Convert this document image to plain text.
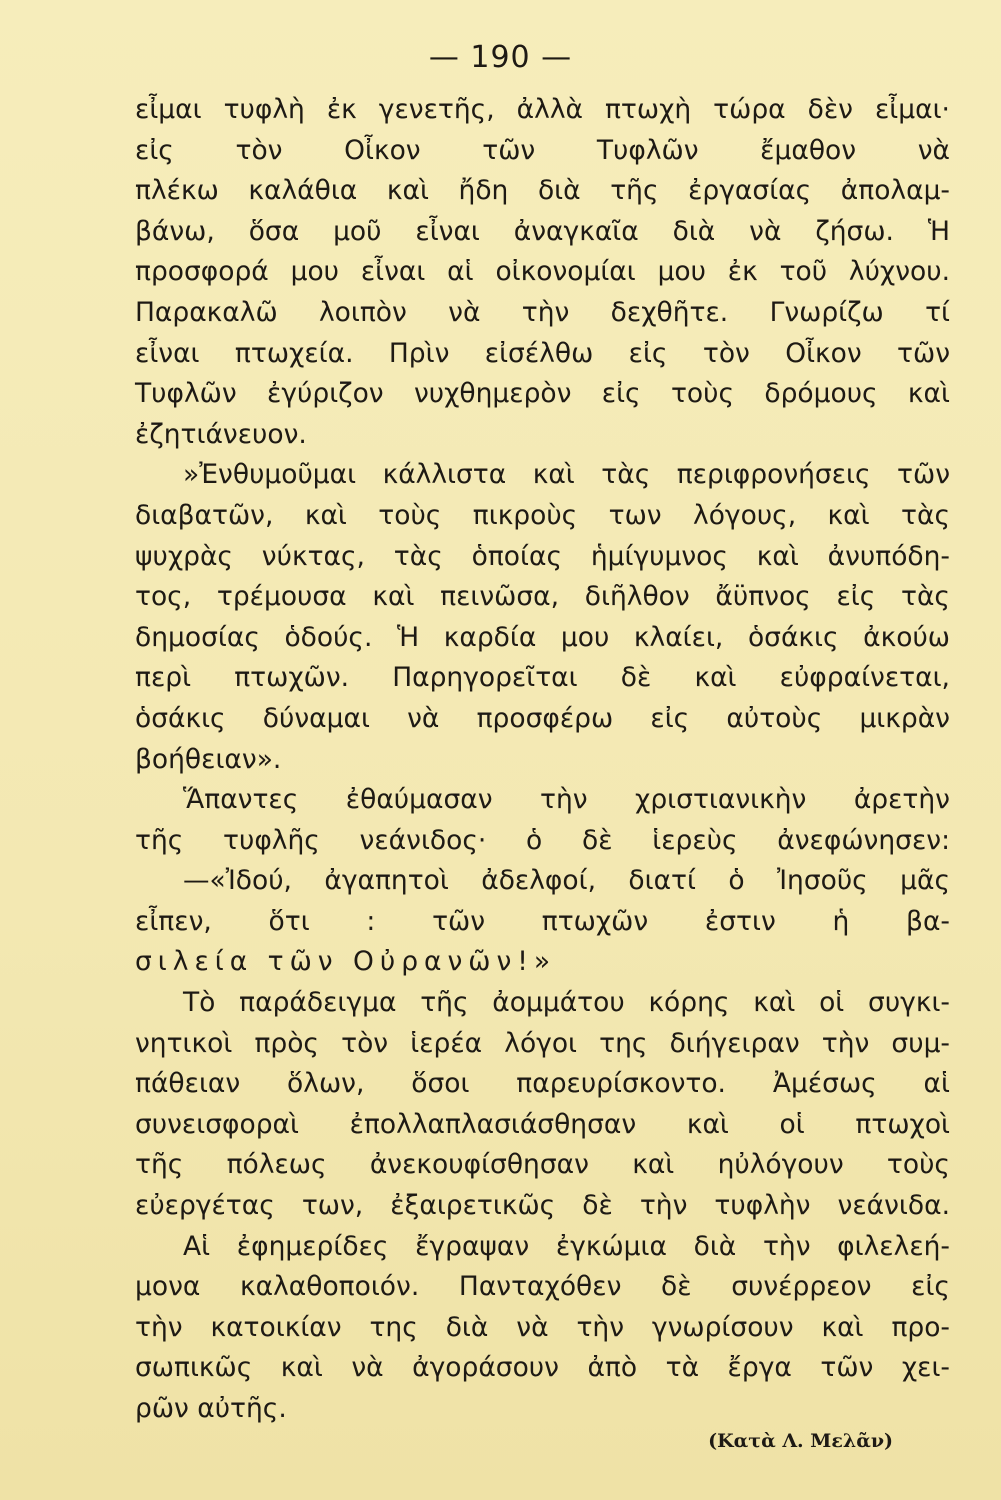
— 190 —
εἶμαι τυφλὴ ἐκ γενετῆς, ἀλλὰ πτωχὴ τώρα δὲν εἶμαι·
εἰς τὸν Οἶκον τῶν Τυφλῶν ἔμαθον νὰ
πλέκω καλάθια καὶ ἤδη διὰ τῆς ἐργασίας ἀπολαμ-
βάνω, ὅσα μοῦ εἶναι ἀναγκαῖα διὰ νὰ ζήσω. Ἡ
προσφορά μου εἶναι αἱ οἰκονομίαι μου ἐκ τοῦ λύχνου.
Παρακαλῶ λοιπὸν νὰ τὴν δεχθῆτε. Γνωρίζω τί
εἶναι πτωχεία. Πρὶν εἰσέλθω εἰς τὸν Οἶκον τῶν
Τυφλῶν ἐγύριζον νυχθημερὸν εἰς τοὺς δρόμους καὶ
ἐζητιάνευον.
»Ἐνθυμοῦμαι κάλλιστα καὶ τὰς περιφρονήσεις τῶν
διαβατῶν, καὶ τοὺς πικροὺς των λόγους, καὶ τὰς
ψυχρὰς νύκτας, τὰς ὁποίας ἡμίγυμνος καὶ ἀνυπόδη-
τος, τρέμουσα καὶ πεινῶσα, διῆλθον ἄϋπνος εἰς τὰς
δημοσίας ὁδούς. Ἡ καρδία μου κλαίει, ὁσάκις ἀκούω
περὶ πτωχῶν. Παρηγορεῖται δὲ καὶ εὐφραίνεται,
ὁσάκις δύναμαι νὰ προσφέρω εἰς αὐτοὺς μικρὰν
βοήθειαν».
Ἅπαντες ἐθαύμασαν τὴν χριστιανικὴν ἀρετὴν
τῆς τυφλῆς νεάνιδος· ὁ δὲ ἱερεὺς ἀνεφώνησεν:
—«Ἰδού, ἀγαπητοὶ ἀδελφοί, διατί ὁ Ἰησοῦς μᾶς
εἶπεν, ὅτι : τῶν πτωχῶν ἐστιν ἡ βα-
σιλεία τῶν Οὐρανῶν!»
Τὸ παράδειγμα τῆς ἀομμάτου κόρης καὶ οἱ συγκι-
νητικοὶ πρὸς τὸν ἱερέα λόγοι της διήγειραν τὴν συμ-
πάθειαν ὅλων, ὅσοι παρευρίσκοντο. Ἀμέσως αἱ
συνεισφοραὶ ἐπολλαπλασιάσθησαν καὶ οἱ πτωχοὶ
τῆς πόλεως ἀνεκουφίσθησαν καὶ ηὐλόγουν τοὺς
εὐεργέτας των, ἐξαιρετικῶς δὲ τὴν τυφλὴν νεάνιδα.
Αἱ ἐφημερίδες ἔγραψαν ἐγκώμια διὰ τὴν φιλελεή-
μονα καλαθοποιόν. Πανταχόθεν δὲ συνέρρεον εἰς
τὴν κατοικίαν της διὰ νὰ τὴν γνωρίσουν καὶ προ-
σωπικῶς καὶ νὰ ἀγοράσουν ἀπὸ τὰ ἔργα τῶν χει-
ρῶν αὐτῆς.
(Κατὰ Λ. Μελᾶν)
